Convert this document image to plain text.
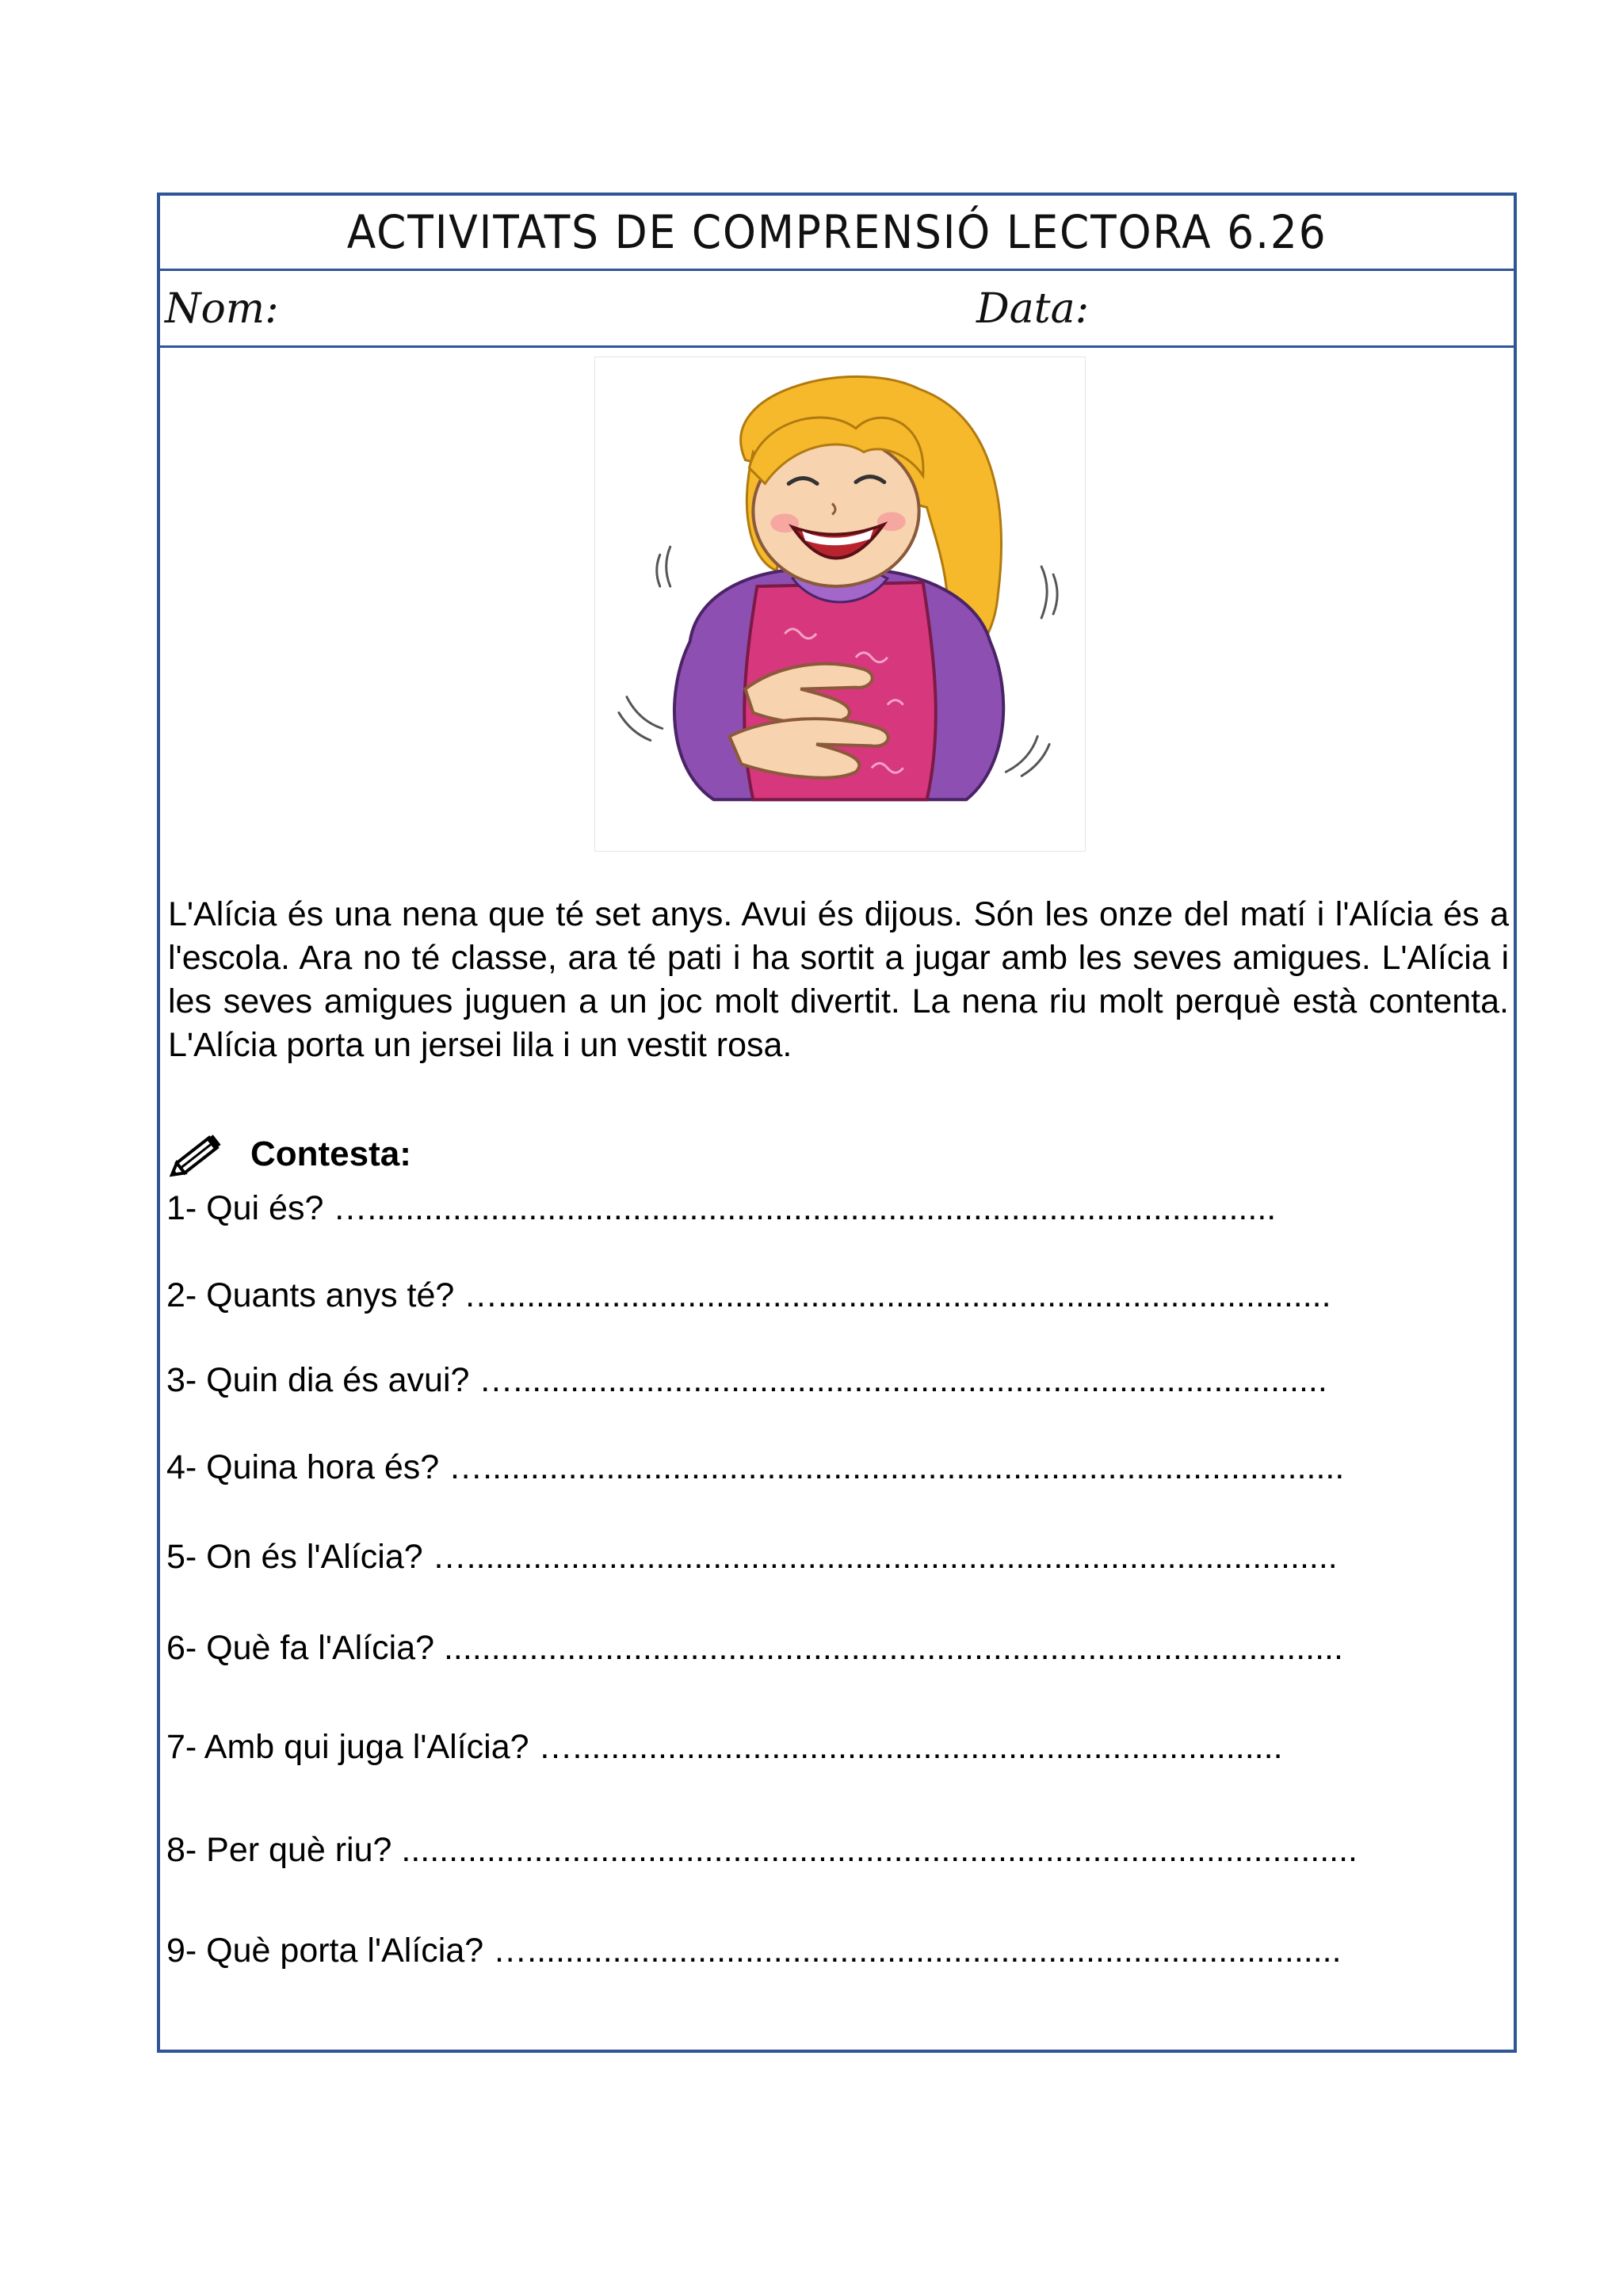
ACTIVITATS DE COMPRENSIÓ LECTORA 6.26
Nom:	Data:

L'Alícia és una nena que té set anys. Avui és dijous. Són les onze del matí i l'Alícia és a l'escola. Ara no té classe, ara té pati i ha sortit a jugar amb les seves amigues. L'Alícia i les seves amigues juguen a un joc molt divertit. La nena riu molt perquè està contenta. L'Alícia porta un jersei lila i un vestit rosa.

Contesta:
1- Qui és? …................................................................................................
2- Quants anys té? …........................................................................................
3- Quin dia és avui? …......................................................................................
4- Quina hora és? …...........................................................................................
5- On és l'Alícia? …............................................................................................
6- Què fa l'Alícia? ...............................................................................................
7- Amb qui juga l'Alícia? …...........................................................................
8- Per què riu? .....................................................................................................
9- Què porta l'Alícia? …......................................................................................
